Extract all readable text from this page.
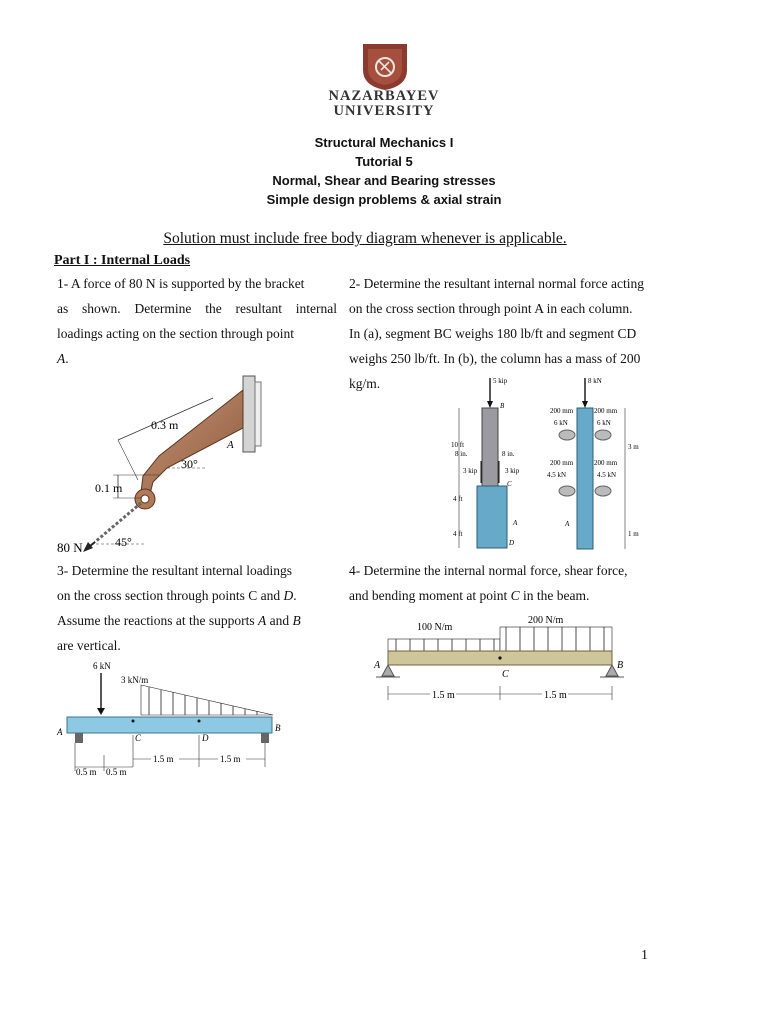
NAZARBAYEV
UNIVERSITY
Structural Mechanics I
Tutorial 5
Normal, Shear and Bearing stresses
Simple design problems & axial strain
Solution must include free body diagram whenever is applicable.
Part I : Internal Loads
1- A force of 80 N is supported by the bracket
as shown. Determine the resultant internal
loadings acting on the section through point
A.
2- Determine the resultant internal normal force acting
on the cross section through point A in each column.
In (a), segment BC weighs 180 lb/ft and segment CD
weighs 250 lb/ft. In (b), the column has a mass of 200
kg/m.
0.3 m
30°
A
0.1 m
45°
80 N
5 kip
B
C
A
D
10 ft
4 ft
4 ft
8 in.	8 in.
3 kip	3 kip
8 kN
200 mm	200 mm
6 kN	6 kN
200 mm	200 mm
4.5 kN	4.5 kN
3 m
1 m
A
3- Determine the resultant internal loadings
on the cross section through points C and D.
Assume the reactions at the supports A and B
are vertical.
4- Determine the internal normal force, shear force,
and bending moment at point C in the beam.
100 N/m
200 N/m
A	B
C
1.5 m	1.5 m
6 kN
3 kN/m
A	B
C	D
0.5 m 0.5 m
1.5 m	1.5 m
1
